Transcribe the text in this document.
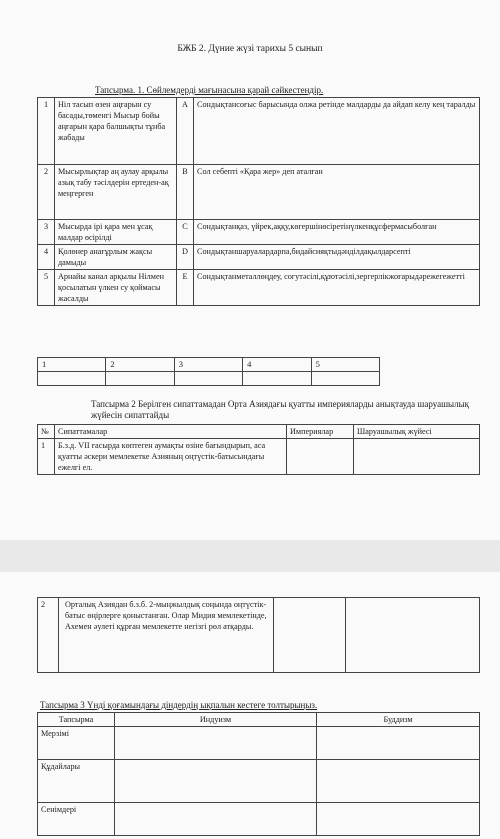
БЖБ 2. Дүние жүзі тарихы 5 сынып
Тапсырма. 1. Сөйлемдерді мағынасына қарай сәйкестендір.
1	Ніл тасып өзен аңғарын су басады,төменгі Мысыр бойы аңғарын қара балшықты тұнба жабады	A	Сондықтансоғыс барысында олжа ретінде малдарды да айдап келу кең таралды
2	Мысырлықтар аң аулау арқылы азық табу тәсілдерін ертеден-ақ меңгерген	B	Сол себепті «Қара жер» деп аталған
3	Мысырда ірі қара мен ұсақ малдар өсірілді	C	Сондықтанқаз, үйрек,аққу,көгершінөсіретінүлкенқұсфермасыболған
4	Қолөнер анағұрлым жақсы дамыды	D	Сондықтаншаруалардарпа,бидайсияқтыдәнділдақылдарсепті
5	Арнайы канал арқылы Нілмен қосылатын үлкен су қоймасы жасалды	E	Сондықтанметаллөңдеу, согутәсілі,құютәсілі,зергерлікжоғарыдәрежегежетті
1	2	3	4	5

Тапсырма 2 Берілген сипаттамадан Орта Азиядағы қуатты империяларды анықтауда шаруашылық жүйесін сипаттайды
№	Сипаттамалар	Империялар	Шаруашылық жүйесі
1	Б.з.д. VІІ ғасырда көптеген аумақты өзіне бағындырып, аса қуатты әскери мемлекетке Азияның оңтүстік-батысындағы ежелгі ел.		
2	Орталық Азиядан б.з.б. 2-мыңжылдық соңында оңтүстік-батыс өңірлерге қоныстанған. Олар Мидия мемлекетінде, Ахемен әулеті құрған мемлекетте негізгі рөл атқарды.		
Тапсырма 3 Үнді қоғамындағы діндердің ықпалын кестеге толтырыңыз.
Тапсырма	Индуизм	Буддизм
Мерзімі		
Құдайлары		
Сенімдері		
